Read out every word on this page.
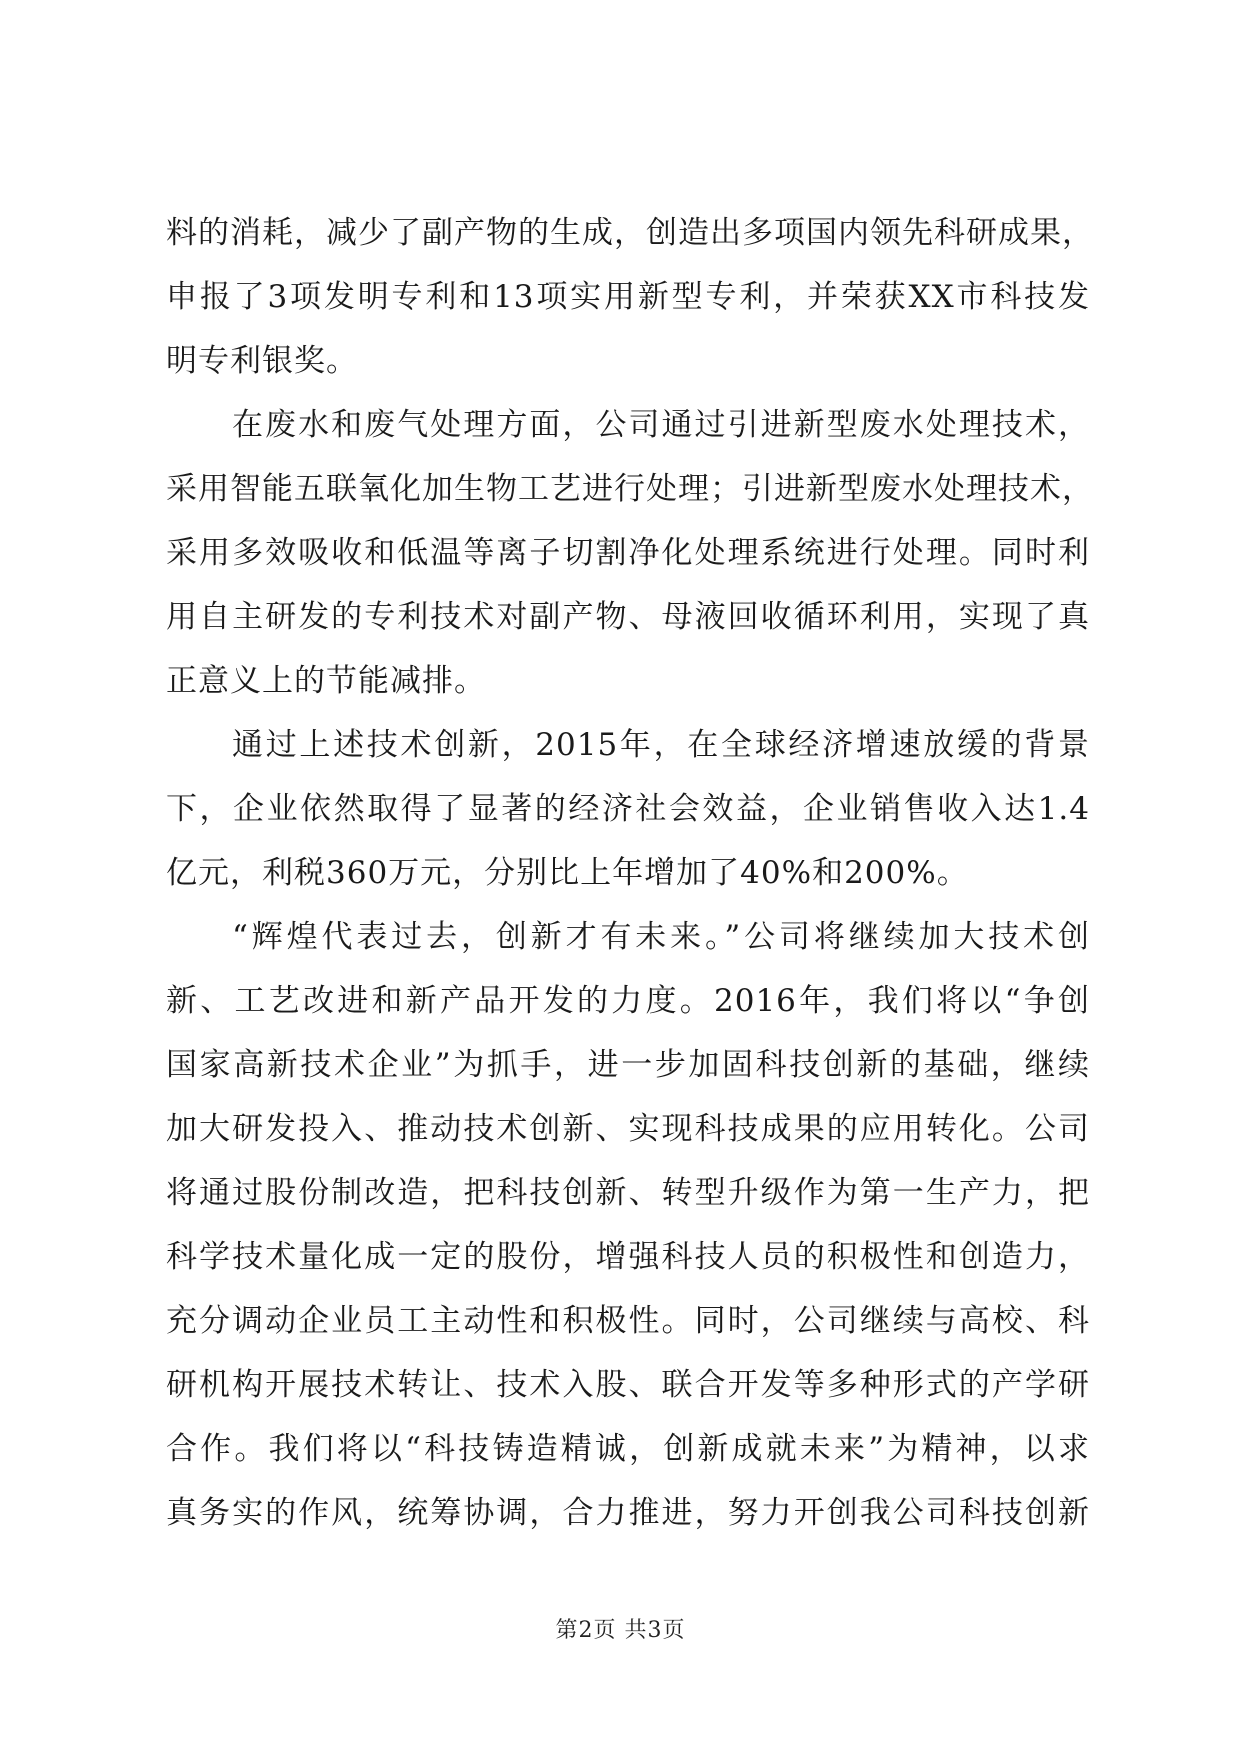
料的消耗，减少了副产物的生成，创造出多项国内领先科研成果，
申报了3项发明专利和13项实用新型专利，并荣获XX市科技发
明专利银奖。
在废水和废气处理方面，公司通过引进新型废水处理技术，
采用智能五联氧化加生物工艺进行处理；引进新型废水处理技术，
采用多效吸收和低温等离子切割净化处理系统进行处理。同时利
用自主研发的专利技术对副产物、母液回收循环利用，实现了真
正意义上的节能减排。
通过上述技术创新，2015年，在全球经济增速放缓的背景
下，企业依然取得了显著的经济社会效益，企业销售收入达1.4
亿元，利税360万元，分别比上年增加了40%和200%。
“辉煌代表过去，创新才有未来。”公司将继续加大技术创
新、工艺改进和新产品开发的力度。2016年，我们将以“争创
国家高新技术企业”为抓手，进一步加固科技创新的基础，继续
加大研发投入、推动技术创新、实现科技成果的应用转化。公司
将通过股份制改造，把科技创新、转型升级作为第一生产力，把
科学技术量化成一定的股份，增强科技人员的积极性和创造力，
充分调动企业员工主动性和积极性。同时，公司继续与高校、科
研机构开展技术转让、技术入股、联合开发等多种形式的产学研
合作。我们将以“科技铸造精诚，创新成就未来”为精神，以求
真务实的作风，统筹协调，合力推进，努力开创我公司科技创新
第2页 共3页
